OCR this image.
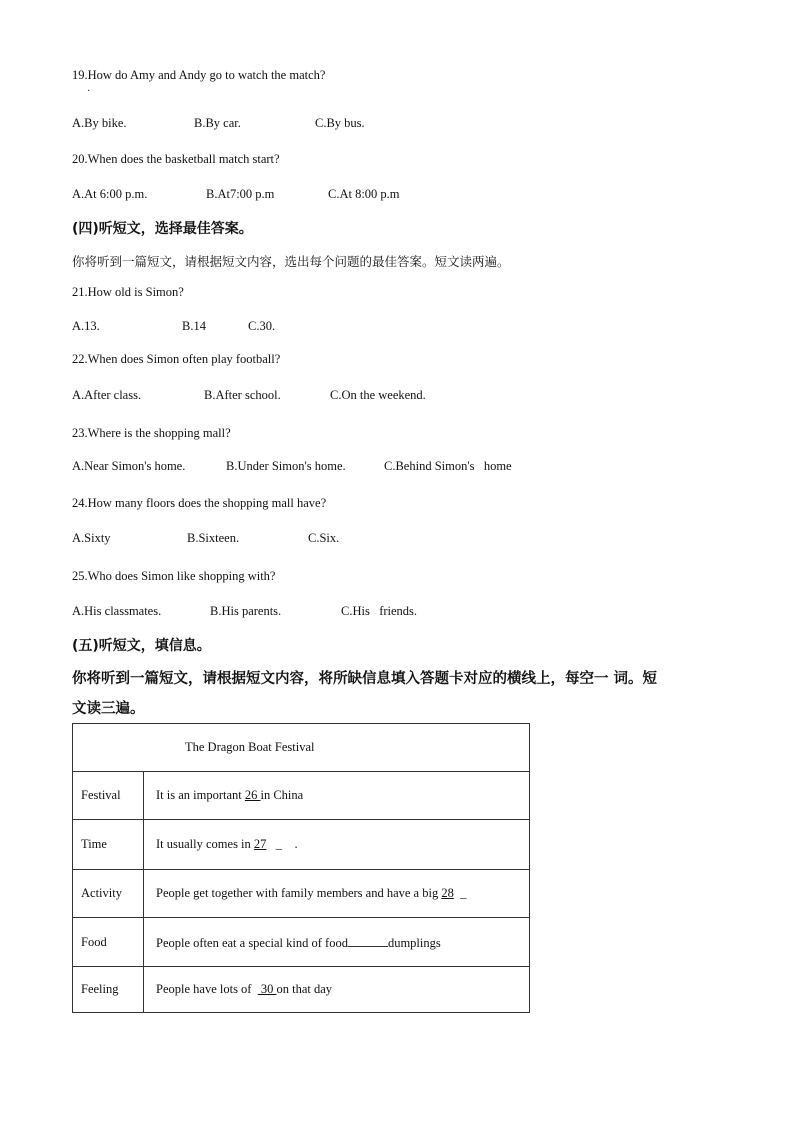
19.How do Amy and Andy go to watch the match?
·
A.By bike.	B.By car.	C.By bus.
20.When does the basketball match start?
A.At 6:00 p.m.	B.At7:00 p.m	C.At 8:00 p.m
(四)听短文，选择最佳答案。
你将听到一篇短文，请根据短文内容，选出每个问题的最佳答案。短文读两遍。
21.How old is Simon?
A.13.	B.14	C.30.
22.When does Simon often play football?
A.After class.	B.After school.	C.On the weekend.
23.Where is the shopping mall?
A.Near Simon's home.	B.Under Simon's home.	C.Behind Simon's   home
24.How many floors does the shopping mall have?
A.Sixty	B.Sixteen.	C.Six.
25.Who does Simon like shopping with?
A.His classmates.	B.His parents.	C.His   friends.
(五)听短文，填信息。
你将听到一篇短文，请根据短文内容，将所缺信息填入答题卡对应的横线上，每空一 词。短
文读三遍。
The Dragon Boat Festival	
Festival	It is an important 26 in China
Time	It usually comes in 27   _    .
Activity	People get together with family members and have a big 28  _
Food	People often eat a special kind of food dumplings
Feeling	People have lots of   30 on that day
